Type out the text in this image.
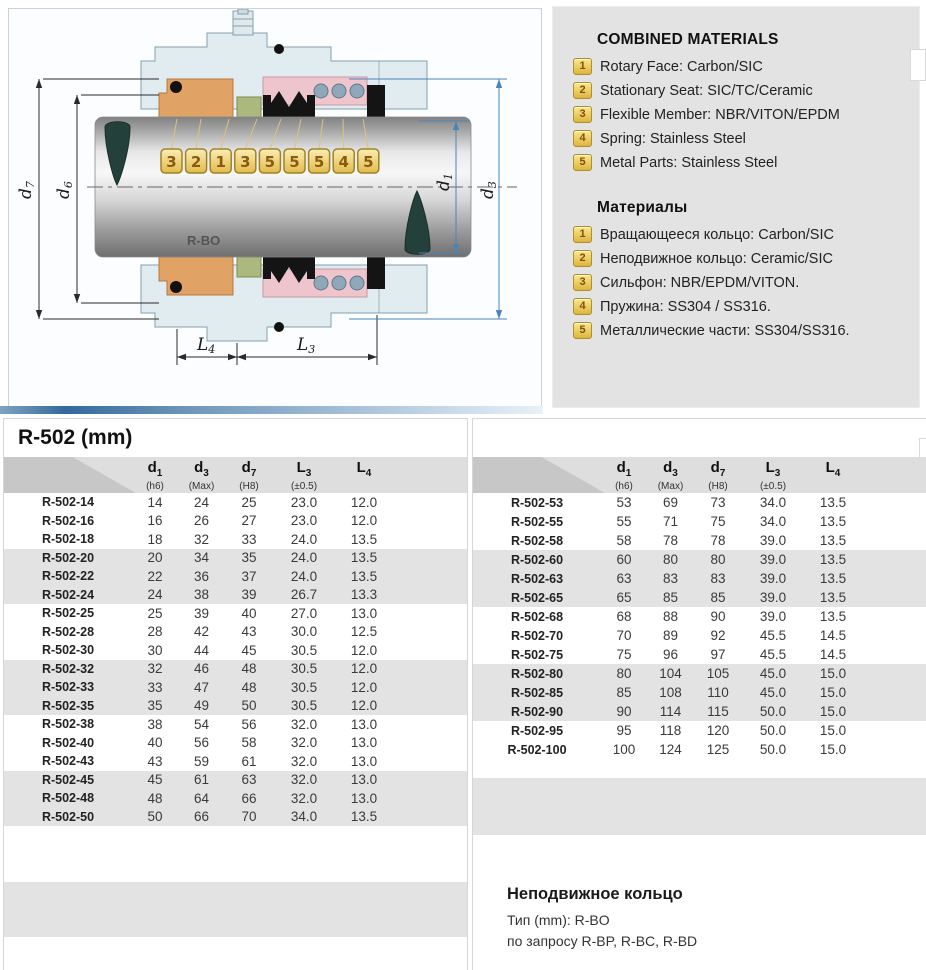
3 2 1 3 5 5 5 4 5
R-BO
d7
d6	d1
d3
L4	L3
COMBINED MATERIALS
1 Rotary Face: Carbon/SIC
2 Stationary Seat: SIC/TC/Ceramic
3 Flexible Member: NBR/VITON/EPDM
4 Spring: Stainless Steel
5 Metal Parts: Stainless Steel
Материалы
1 Вращающееся кольцо: Carbon/SIC
2 Неподвижное кольцо: Ceramic/SIC
3 Сильфон: NBR/EPDM/VITON.
4 Пружина: SS304 / SS316.
5 Металлические части: SS304/SS316.
R-502 (mm)
$d_1$
(h6)
$d_3$
(Max)
$d_7$
(H8)
$L_3$
(±0.5)
$L_4$
R-502-14	14	24	25	23.0	12.0
R-502-16	16	26	27	23.0	12.0
R-502-18	18	32	33	24.0	13.5
R-502-20	20	34	35	24.0	13.5
R-502-22	22	36	37	24.0	13.5
R-502-24	24	38	39	26.7	13.3
R-502-25	25	39	40	27.0	13.0
R-502-28	28	42	43	30.0	12.5
R-502-30	30	44	45	30.5	12.0
R-502-32	32	46	48	30.5	12.0
R-502-33	33	47	48	30.5	12.0
R-502-35	35	49	50	30.5	12.0
R-502-38	38	54	56	32.0	13.0
R-502-40	40	56	58	32.0	13.0
R-502-43	43	59	61	32.0	13.0
R-502-45	45	61	63	32.0	13.0
R-502-48	48	64	66	32.0	13.0
R-502-50	50	66	70	34.0	13.5
$d_1$
(h6)
$d_3$
(Max)
$d_7$
(H8)
$L_3$
(±0.5)
$L_4$
R-502-53	53	69	73	34.0	13.5
R-502-55	55	71	75	34.0	13.5
R-502-58	58	78	78	39.0	13.5
R-502-60	60	80	80	39.0	13.5
R-502-63	63	83	83	39.0	13.5
R-502-65	65	85	85	39.0	13.5
R-502-68	68	88	90	39.0	13.5
R-502-70	70	89	92	45.5	14.5
R-502-75	75	96	97	45.5	14.5
R-502-80	80	104	105	45.0	15.0
R-502-85	85	108	110	45.0	15.0
R-502-90	90	114	115	50.0	15.0
R-502-95	95	118	120	50.0	15.0
R-502-100	100	124	125	50.0	15.0
Неподвижное кольцо
Тип (mm): R-BO
по запросу R-BP, R-BC, R-BD
